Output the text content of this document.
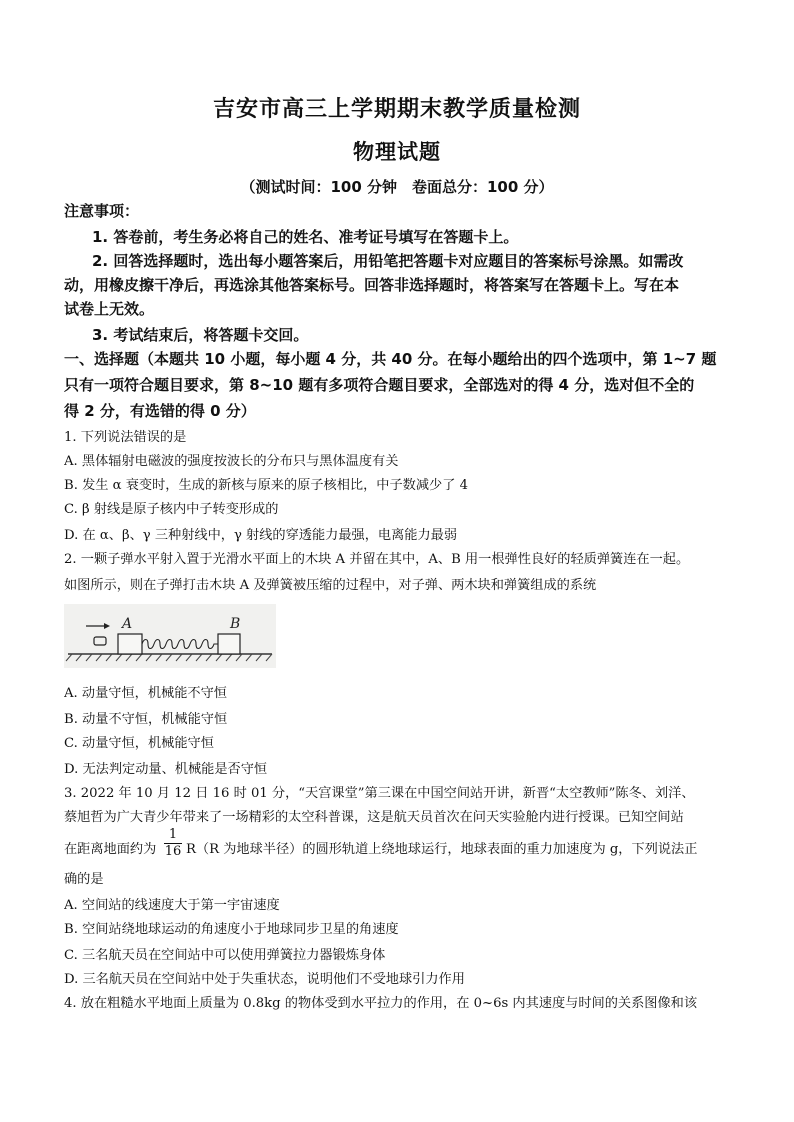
吉安市高三上学期期末教学质量检测
物理试题
（测试时间：100 分钟　卷面总分：100 分）
注意事项：
1. 答卷前，考生务必将自己的姓名、准考证号填写在答题卡上。
2. 回答选择题时，选出每小题答案后，用铅笔把答题卡对应题目的答案标号涂黑。如需改
动，用橡皮擦干净后，再选涂其他答案标号。回答非选择题时，将答案写在答题卡上。写在本
试卷上无效。
3. 考试结束后，将答题卡交回。
一、选择题（本题共 10 小题，每小题 4 分，共 40 分。在每小题给出的四个选项中，第 1~7 题
只有一项符合题目要求，第 8~10 题有多项符合题目要求，全部选对的得 4 分，选对但不全的
得 2 分，有选错的得 0 分）
1. 下列说法错误的是
A. 黑体辐射电磁波的强度按波长的分布只与黑体温度有关
B. 发生 α 衰变时，生成的新核与原来的原子核相比，中子数减少了 4
C. β 射线是原子核内中子转变形成的
D. 在 α、β、γ 三种射线中，γ 射线的穿透能力最强，电离能力最弱
2. 一颗子弹水平射入置于光滑水平面上的木块 A 并留在其中，A、B 用一根弹性良好的轻质弹簧连在一起。
如图所示，则在子弹打击木块 A 及弹簧被压缩的过程中，对子弹、两木块和弹簧组成的系统
A	B
A. 动量守恒，机械能不守恒
B. 动量不守恒，机械能守恒
C. 动量守恒，机械能守恒
D. 无法判定动量、机械能是否守恒
3. 2022 年 10 月 12 日 16 时 01 分，“天宫课堂”第三课在中国空间站开讲，新晋“太空教师”陈冬、刘洋、
蔡旭哲为广大青少年带来了一场精彩的太空科普课，这是航天员首次在问天实验舱内进行授课。已知空间站
在距离地面约为 $\frac{1}{16} R(R$ 为地球半径）的圆形轨道上绕地球运行，地球表面的重力加速度为 g，下列说法正
确的是
A. 空间站的线速度大于第一宇宙速度
B. 空间站绕地球运动的角速度小于地球同步卫星的角速度
C. 三名航天员在空间站中可以使用弹簧拉力器锻炼身体
D. 三名航天员在空间站中处于失重状态，说明他们不受地球引力作用
4. 放在粗糙水平地面上质量为 0.8kg 的物体受到水平拉力的作用，在 0~6s 内其速度与时间的关系图像和该
